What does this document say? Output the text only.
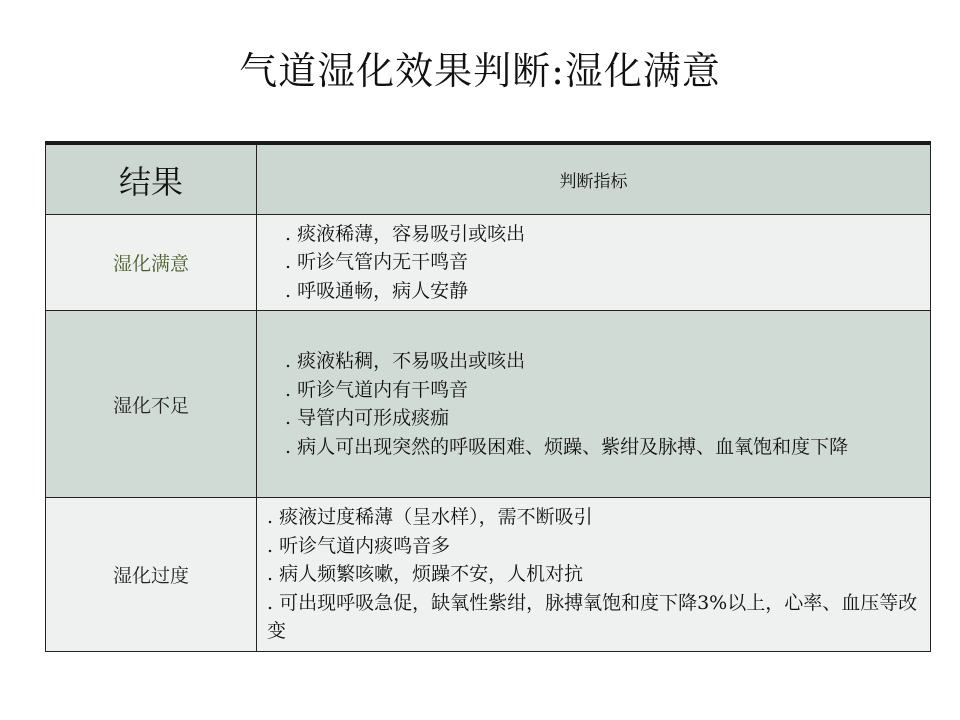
气道湿化效果判断:湿化满意
结果	判断指标
湿化满意	. 痰液稀薄，容易吸引或咳出
. 听诊气管内无干鸣音
. 呼吸通畅，病人安静

湿化不足	. 痰液粘稠，不易吸出或咳出
. 听诊气道内有干鸣音
. 导管内可形成痰痂
. 病人可出现突然的呼吸困难、烦躁、紫绀及脉搏、血氧饱和度下降

湿化过度	. 痰液过度稀薄（呈水样），需不断吸引
. 听诊气道内痰鸣音多
. 病人频繁咳嗽，烦躁不安，人机对抗
. 可出现呼吸急促，缺氧性紫绀，脉搏氧饱和度下降3%以上，心率、血压等改变
